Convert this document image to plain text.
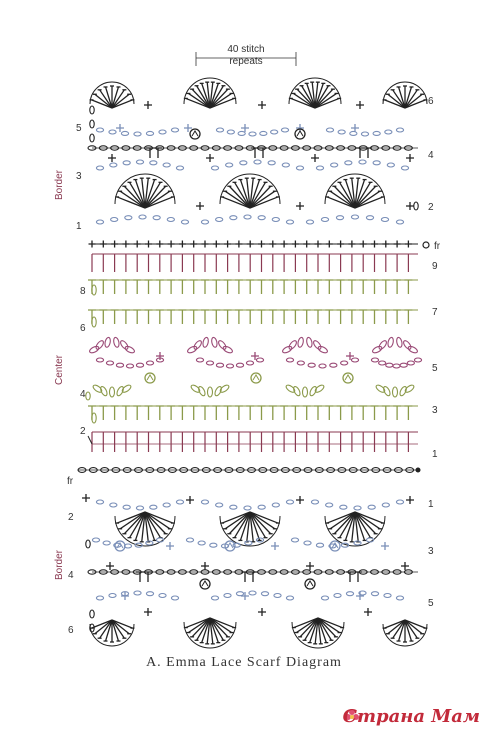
40 stitch
repeats
Border
Center
Border
5
3
1
6
4
2
fr
8
6
4
2
9
7
5
3
1
fr
2
4
6
1
3
5
A. Emma Lace Scarf Diagram
Страна Мам
